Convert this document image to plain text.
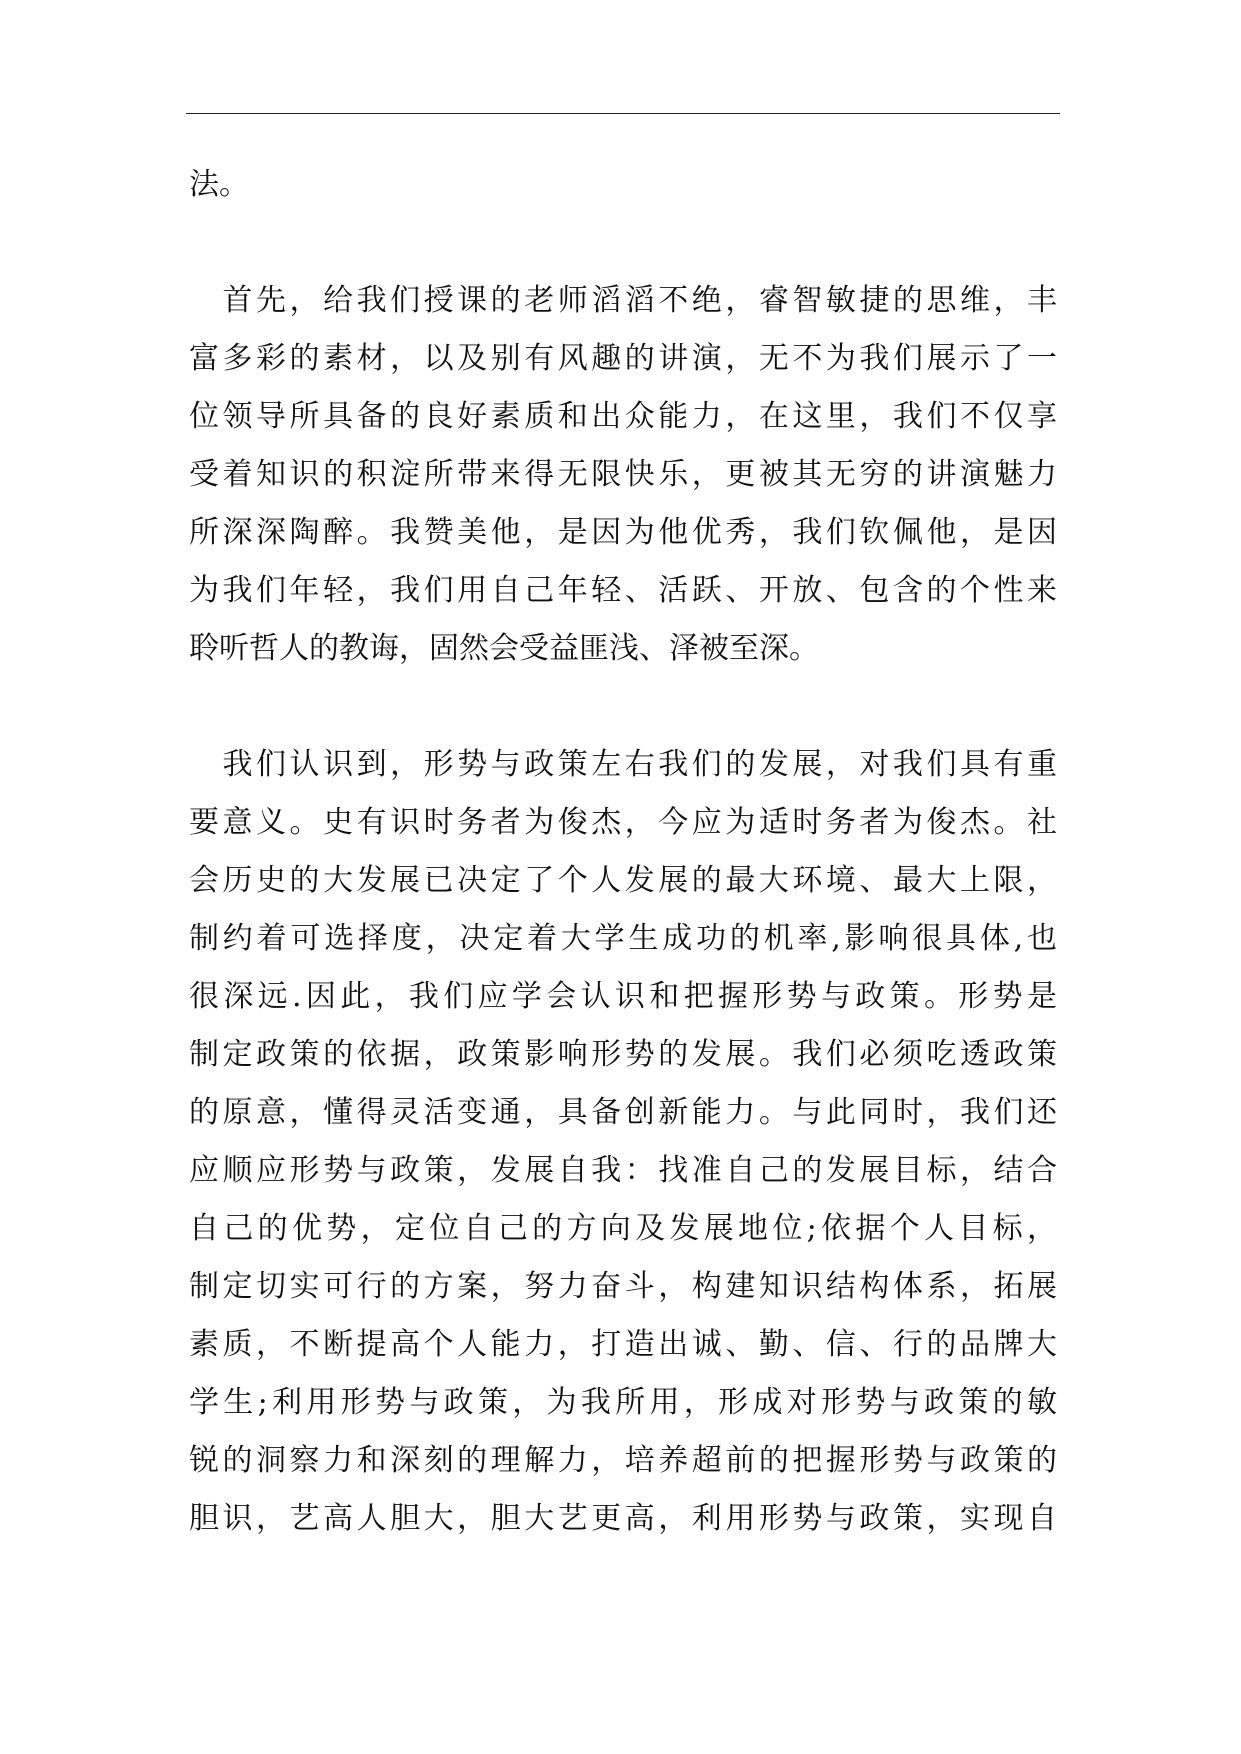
法。
　首先，给我们授课的老师滔滔不绝，睿智敏捷的思维，丰
富多彩的素材，以及别有风趣的讲演，无不为我们展示了一
位领导所具备的良好素质和出众能力，在这里，我们不仅享
受着知识的积淀所带来得无限快乐，更被其无穷的讲演魅力
所深深陶醉。我赞美他，是因为他优秀，我们钦佩他，是因
为我们年轻，我们用自己年轻、活跃、开放、包含的个性来
聆听哲人的教诲，固然会受益匪浅、泽被至深。
　我们认识到，形势与政策左右我们的发展，对我们具有重
要意义。史有识时务者为俊杰，今应为适时务者为俊杰。社
会历史的大发展已决定了个人发展的最大环境、最大上限，
制约着可选择度，决定着大学生成功的机率,影响很具体,也
很深远.因此，我们应学会认识和把握形势与政策。形势是
制定政策的依据，政策影响形势的发展。我们必须吃透政策
的原意，懂得灵活变通，具备创新能力。与此同时，我们还
应顺应形势与政策，发展自我：找准自己的发展目标，结合
自己的优势，定位自己的方向及发展地位;依据个人目标，
制定切实可行的方案，努力奋斗，构建知识结构体系，拓展
素质，不断提高个人能力，打造出诚、勤、信、行的品牌大
学生;利用形势与政策，为我所用，形成对形势与政策的敏
锐的洞察力和深刻的理解力，培养超前的把握形势与政策的
胆识，艺高人胆大，胆大艺更高，利用形势与政策，实现自
